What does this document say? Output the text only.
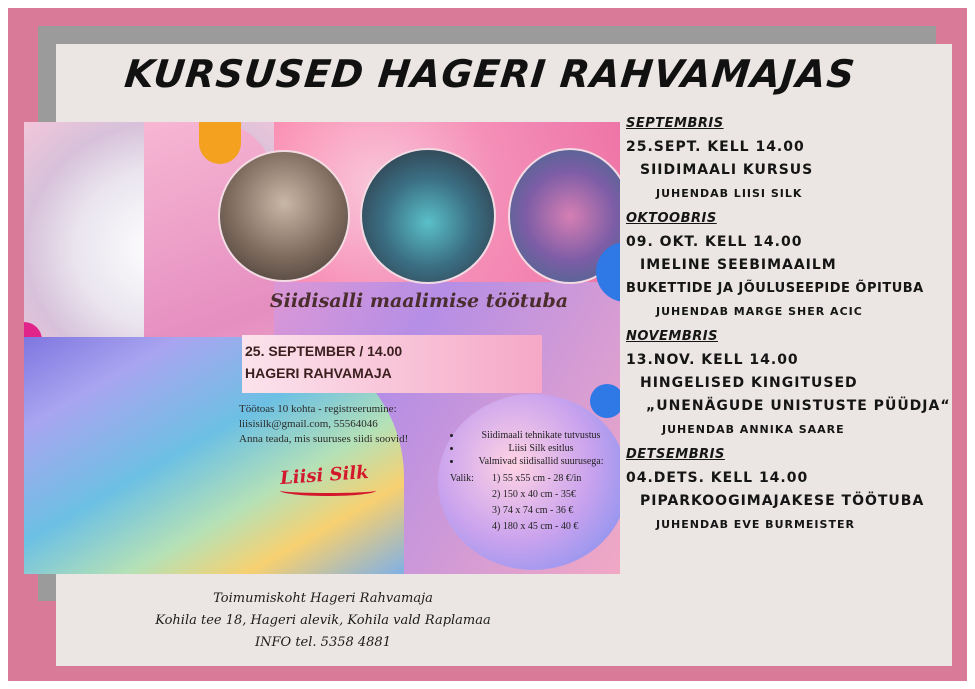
KURSUSED HAGERI RAHVAMAJAS
Siidisalli maalimise töötuba
25. SEPTEMBER / 14.00
HAGERI RAHVAMAJA
Töötoas 10 kohta - registreerumine:
liisisilk@gmail.com, 55564046
Anna teada, mis suuruses siidi soovid!
•	Siidimaali tehnikate tutvustus
• Liisi Silk esitlus
• Valmivad siidisallid suurusega:
Valik:	1) 55 x55 cm - 28 €/in
2) 150 x 40 cm - 35€
3) 74 x 74 cm - 36 €
4) 180 x 45 cm - 40 €
Liisi Silk
Toimumiskoht Hageri Rahvamaja
Kohila tee 18, Hageri alevik, Kohila vald Raplamaa
INFO tel. 5358 4881
SEPTEMBRIS
25.SEPT. KELL 14.00
SIIDIMAALI KURSUS
JUHENDAB LIISI SILK
OKTOOBRIS
09. OKT. KELL 14.00
IMELINE SEEBIMAAILM
BUKETTIDE JA JÕULUSEEPIDE ÕPITUBA
JUHENDAB MARGE SHER ACIC
NOVEMBRIS
13.NOV. KELL 14.00
HINGELISED KINGITUSED
„UNENÄGUDE UNISTUSTE PÜÜDJA“
JUHENDAB ANNIKA SAARE
DETSEMBRIS
04.DETS. KELL 14.00
PIPARKOOGIMAJAKESE TÖÖTUBA
JUHENDAB EVE BURMEISTER
